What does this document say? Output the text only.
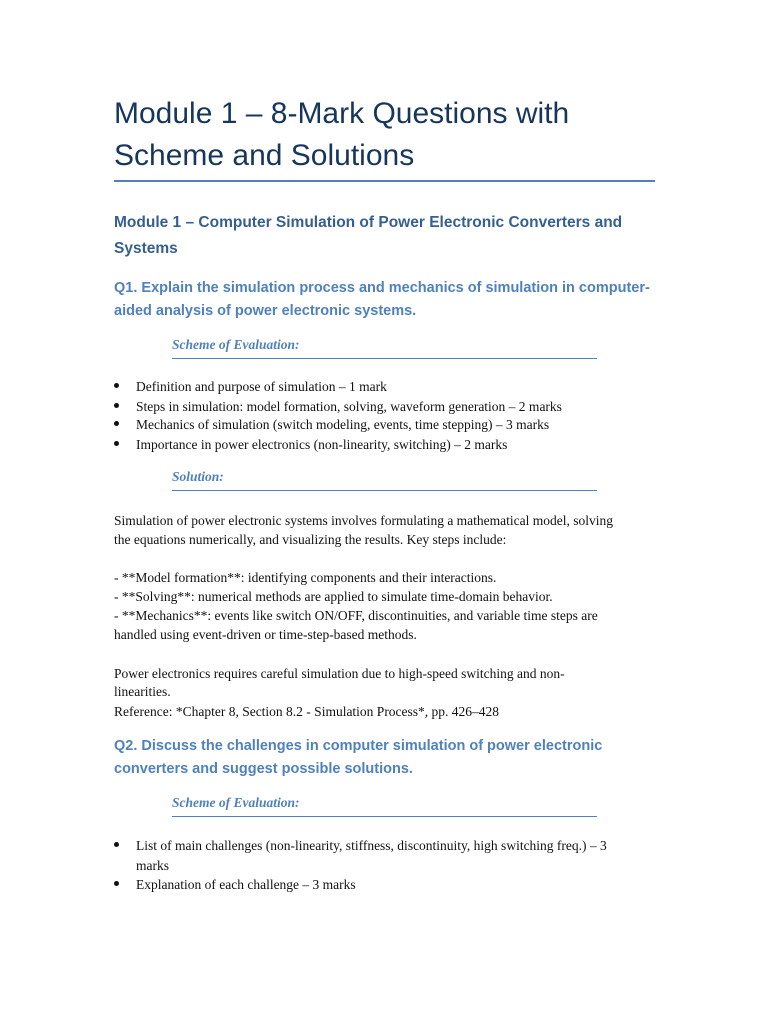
Module 1 – 8-Mark Questions with
Scheme and Solutions
Module 1 – Computer Simulation of Power Electronic Converters and
Systems
Q1. Explain the simulation process and mechanics of simulation in computer-
aided analysis of power electronic systems.
Scheme of Evaluation:
Definition and purpose of simulation – 1 mark
Steps in simulation: model formation, solving, waveform generation – 2 marks
Mechanics of simulation (switch modeling, events, time stepping) – 3 marks
Importance in power electronics (non-linearity, switching) – 2 marks
Solution:
Simulation of power electronic systems involves formulating a mathematical model, solving
the equations numerically, and visualizing the results. Key steps include:
- **Model formation**: identifying components and their interactions.
- **Solving**: numerical methods are applied to simulate time-domain behavior.
- **Mechanics**: events like switch ON/OFF, discontinuities, and variable time steps are
handled using event-driven or time-step-based methods.
Power electronics requires careful simulation due to high-speed switching and non-
linearities.
Reference: *Chapter 8, Section 8.2 - Simulation Process*, pp. 426–428
Q2. Discuss the challenges in computer simulation of power electronic
converters and suggest possible solutions.
Scheme of Evaluation:
List of main challenges (non-linearity, stiffness, discontinuity, high switching freq.) – 3
marks
Explanation of each challenge – 3 marks
